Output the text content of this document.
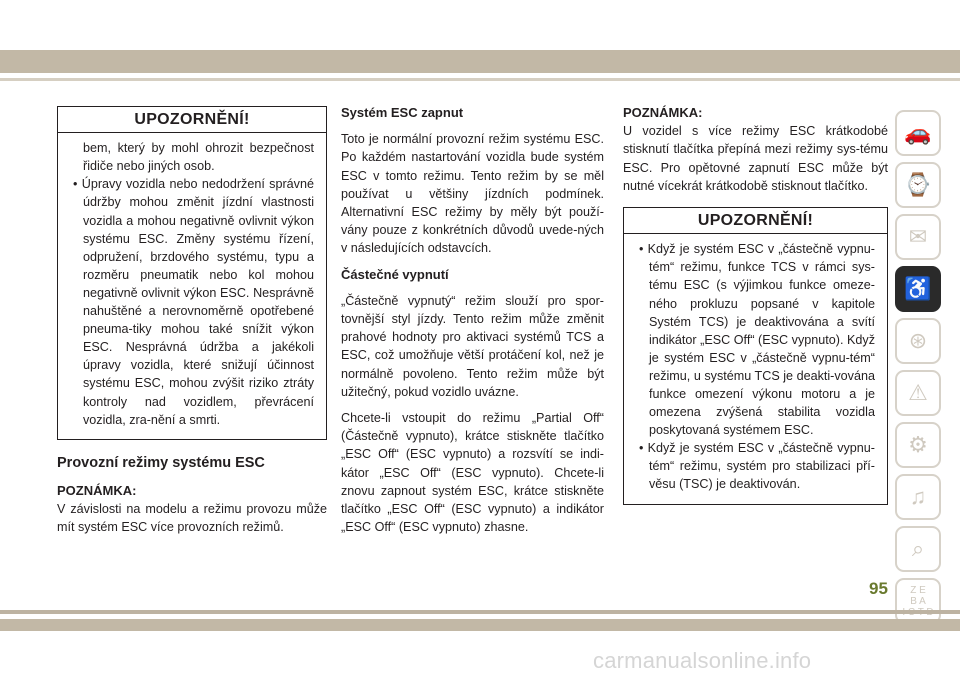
UPOZORNĚNÍ!
bem, který by mohl ohrozit bezpečnost řidiče nebo jiných osob.
• Úpravy vozidla nebo nedodržení správné údržby mohou změnit jízdní vlastnosti vozidla a mohou negativně ovlivnit výkon systému ESC. Změny systému řízení, odpružení, brzdového systému, typu a rozměru pneumatik nebo kol mohou negativně ovlivnit výkon ESC. Nesprávně nahuštěné a nerovnoměrně opotřebené pneuma-tiky mohou také snížit výkon ESC. Nesprávná údržba a jakékoli úpravy vozidla, které snižují účinnost systému ESC, mohou zvýšit riziko ztráty kontroly nad vozidlem, převrácení vozidla, zra-nění a smrti.
Provozní režimy systému ESC
POZNÁMKA:

V závislosti na modelu a režimu provozu může mít systém ESC více provozních režimů.

Systém ESC zapnut

Toto je normální provozní režim systému ESC. Po každém nastartování vozidla bude systém ESC v tomto režimu. Tento režim by se měl používat u většiny jízdních podmínek. Alternativní ESC režimy by měly být použí-vány pouze z konkrétních důvodů uvede-ných v následujících odstavcích.

Částečné vypnutí

„Částečně vypnutý“ režim slouží pro spor-tovnější styl jízdy. Tento režim může změnit prahové hodnoty pro aktivaci systémů TCS a ESC, což umožňuje větší protáčení kol, než je normálně povoleno. Tento režim může být užitečný, pokud vozidlo uvázne.

Chcete-li vstoupit do režimu „Partial Off“ (Částečně vypnuto), krátce stiskněte tlačítko „ESC Off“ (ESC vypnuto) a rozsvítí se indi-kátor „ESC Off“ (ESC vypnuto). Chcete-li znovu zapnout systém ESC, krátce stiskněte tlačítko „ESC Off“ (ESC vypnuto) a indikátor „ESC Off“ (ESC vypnuto) zhasne.

POZNÁMKA:

U vozidel s více režimy ESC krátkodobé stisknutí tlačítka přepíná mezi režimy sys-tému ESC. Pro opětovné zapnutí ESC může být nutné vícekrát krátkodobě stisknout tlačítko.

UPOZORNĚNÍ!
• Když je systém ESC v „částečně vypnu-tém“ režimu, funkce TCS v rámci sys-tému ESC (s výjimkou funkce omeze-ného prokluzu popsané v kapitole Systém TCS) je deaktivována a svítí indikátor „ESC Off“ (ESC vypnuto). Když je systém ESC v „částečně vypnu-tém“ režimu, u systému TCS je deakti-vována funkce omezení výkonu motoru a je omezena zvýšená stabilita vozidla poskytovaná systémem ESC.
• Když je systém ESC v „částečně vypnu-tém“ režimu, systém pro stabilizaci pří-věsu (TSC) je deaktivován.
🚗
⌚
✉
♿
⊛
⚠
⚙
♫
⌕
Z E
B A

95
carmanualsonline.info
